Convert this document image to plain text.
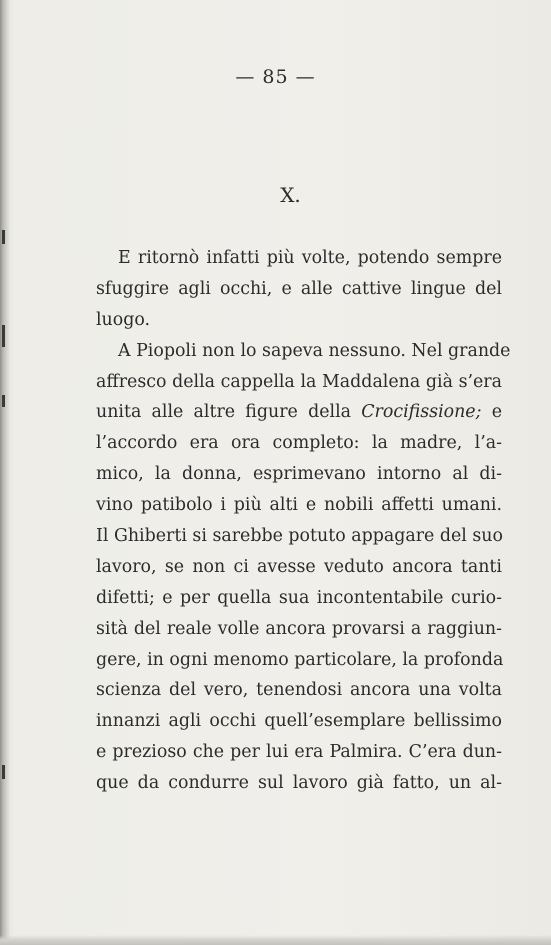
— 85 —
X.
E ritornò infatti più volte, potendo sempre
sfuggire agli occhi, e alle cattive lingue del
luogo.
A Piopoli non lo sapeva nessuno. Nel grande
affresco della cappella la Maddalena già s’era
unita alle altre figure della Crocifissione; e
l’accordo era ora completo: la madre, l’a-
mico, la donna, esprimevano intorno al di-
vino patibolo i più alti e nobili affetti umani.
Il Ghiberti si sarebbe potuto appagare del suo
lavoro, se non ci avesse veduto ancora tanti
difetti; e per quella sua incontentabile curio-
sità del reale volle ancora provarsi a raggiun-
gere, in ogni menomo particolare, la profonda
scienza del vero, tenendosi ancora una volta
innanzi agli occhi quell’esemplare bellissimo
e prezioso che per lui era Palmira. C’era dun-
que da condurre sul lavoro già fatto, un al-
